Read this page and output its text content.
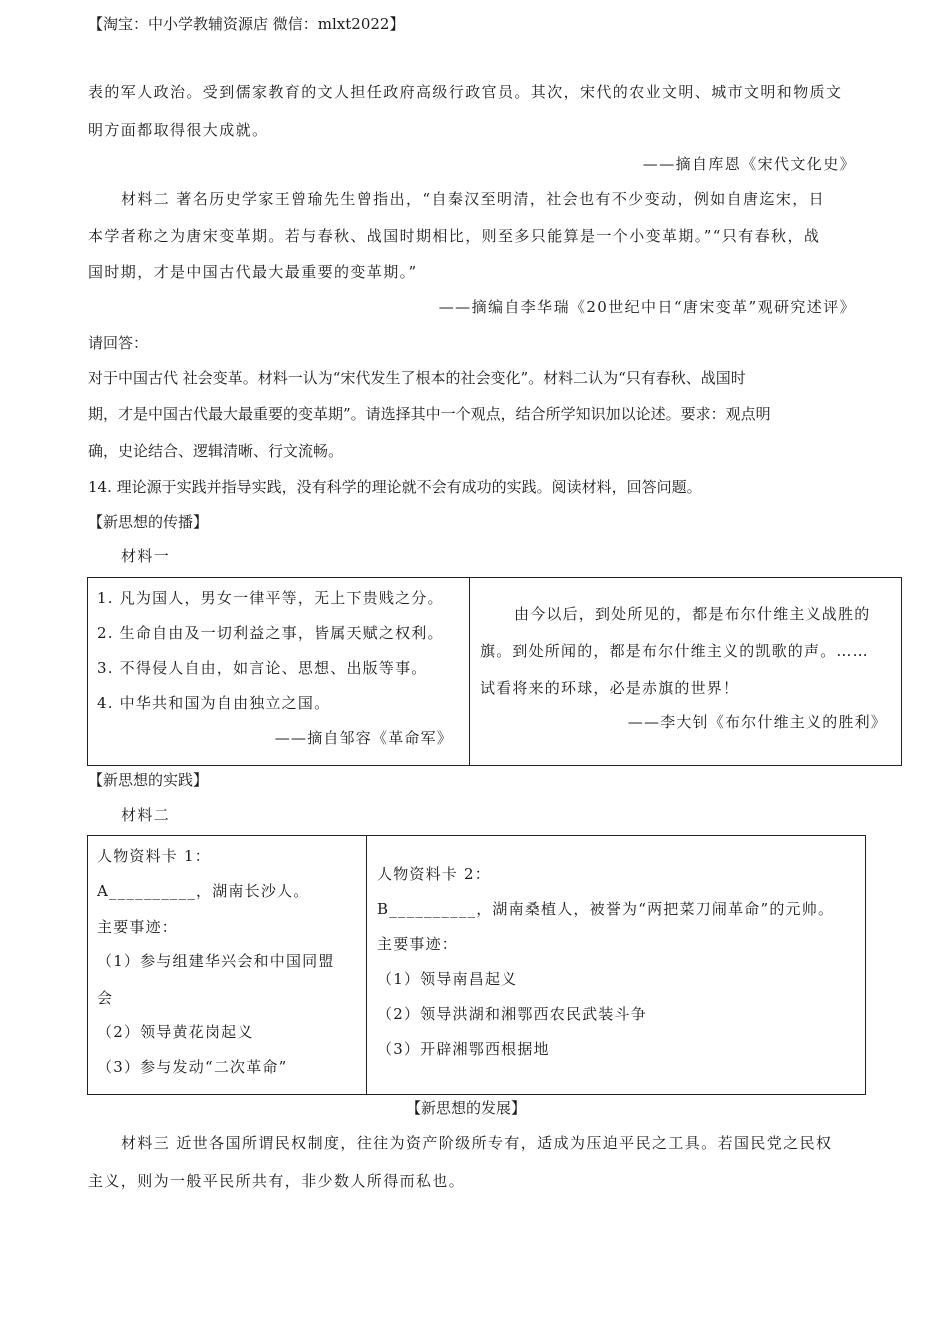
【淘宝：中小学教辅资源店 微信：mlxt2022】
表的军人政治。受到儒家教育的文人担任政府高级行政官员。其次，宋代的农业文明、城市文明和物质文
明方面都取得很大成就。
——摘自库恩《宋代文化史》
材料二 著名历史学家王曾瑜先生曾指出，“自秦汉至明清，社会也有不少变动，例如自唐迄宋，日
本学者称之为唐宋变革期。若与春秋、战国时期相比，则至多只能算是一个小变革期。”“只有春秋，战
国时期，才是中国古代最大最重要的变革期。”
——摘编自李华瑞《20世纪中日“唐宋变革”观研究述评》
请回答：
对于中国古代 社会变革。材料一认为“宋代发生了根本的社会变化”。材料二认为“只有春秋、战国时
期，才是中国古代最大最重要的变革期”。请选择其中一个观点，结合所学知识加以论述。要求：观点明
确，史论结合、逻辑清晰、行文流畅。
14. 理论源于实践并指导实践，没有科学的理论就不会有成功的实践。阅读材料，回答问题。
【新思想的传播】
材料一
1. 凡为国人，男女一律平等，无上下贵贱之分。
2. 生命自由及一切利益之事，皆属天赋之权利。
3. 不得侵人自由，如言论、思想、出版等事。
4. 中华共和国为自由独立之国。
——摘自邹容《革命军》
由今以后，到处所见的，都是布尔什维主义战胜的
旗。到处所闻的，都是布尔什维主义的凯歌的声。……
试看将来的环球，必是赤旗的世界！
——李大钊《布尔什维主义的胜利》
【新思想的实践】
材料二
人物资料卡 1：
A__________，湖南长沙人。
主要事迹：
（1）参与组建华兴会和中国同盟
会
（2）领导黄花岗起义
（3）参与发动“二次革命”
人物资料卡 2：
B__________，湖南桑植人，被誉为“两把菜刀闹革命”的元帅。
主要事迹：
（1）领导南昌起义
（2）领导洪湖和湘鄂西农民武装斗争
（3）开辟湘鄂西根据地
【新思想的发展】
材料三 近世各国所谓民权制度，往往为资产阶级所专有，适成为压迫平民之工具。若国民党之民权
主义，则为一般平民所共有，非少数人所得而私也。
